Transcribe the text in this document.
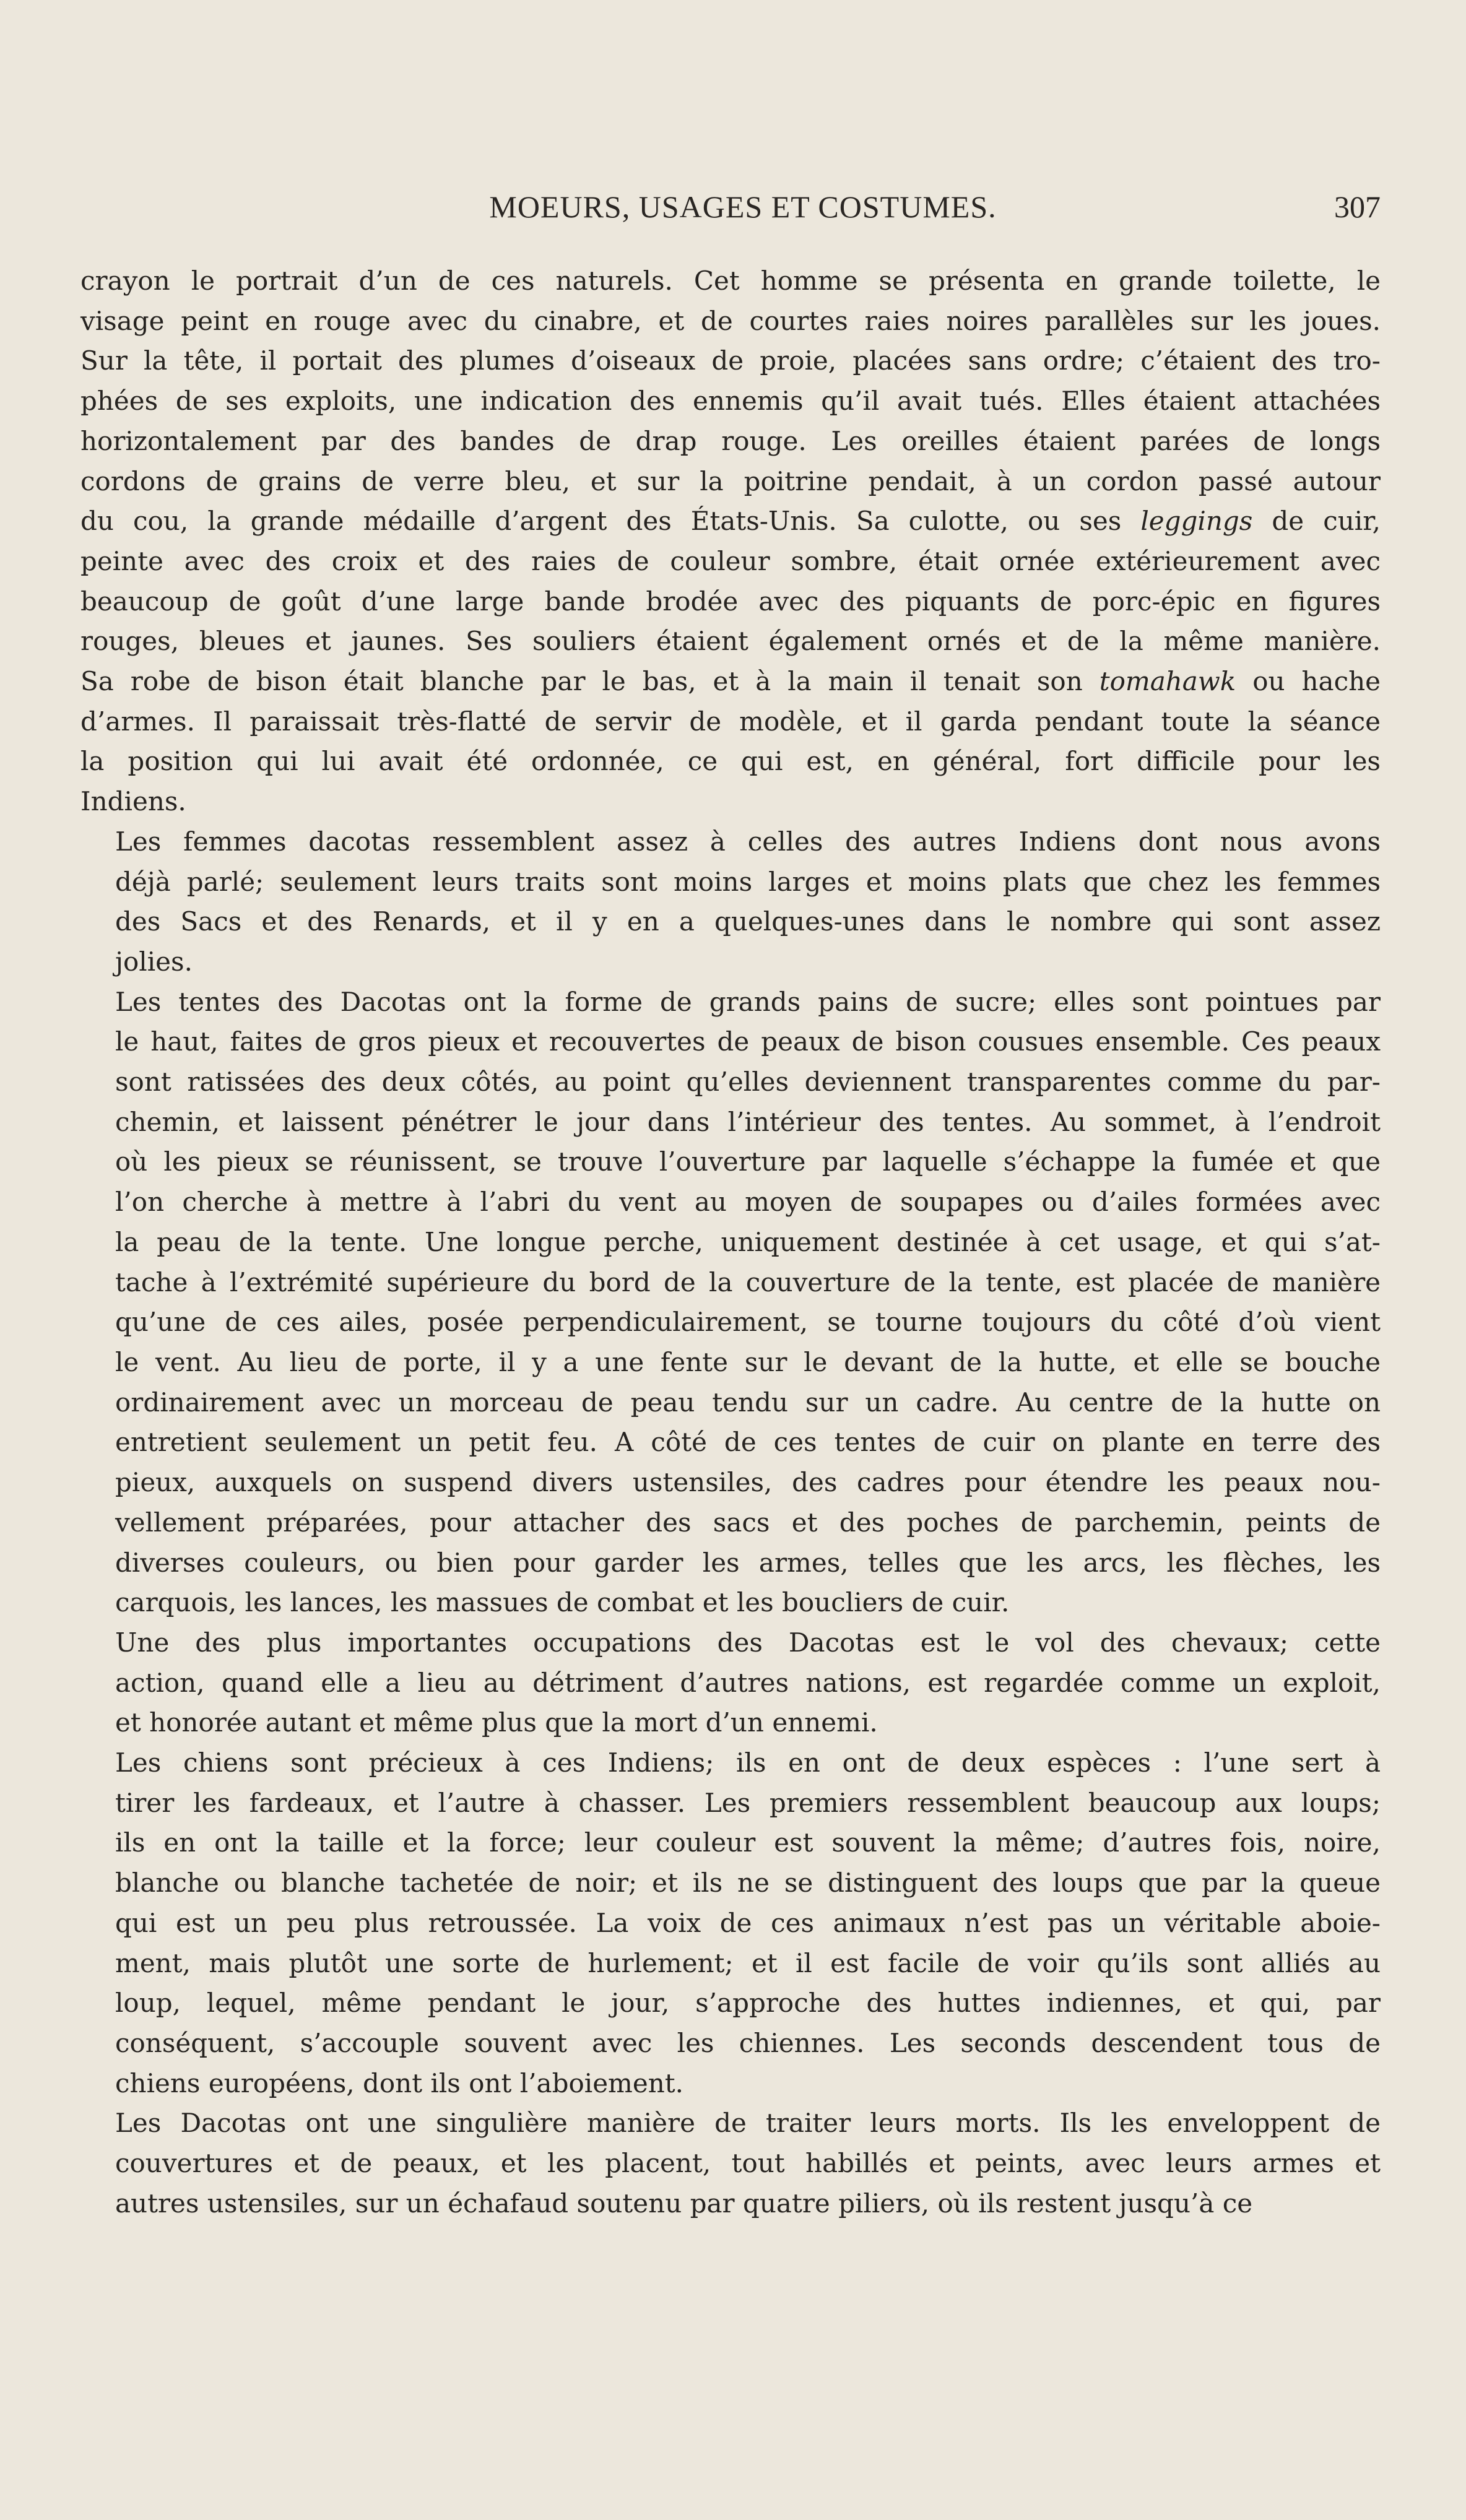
MOEURS, USAGES ET COSTUMES.	307
crayon le portrait d’un de ces naturels. Cet homme se présenta en grande toilette, le
visage peint en rouge avec du cinabre, et de courtes raies noires parallèles sur les joues.
Sur la tête, il portait des plumes d’oiseaux de proie, placées sans ordre; c’étaient des tro-
phées de ses exploits, une indication des ennemis qu’il avait tués. Elles étaient attachées
horizontalement par des bandes de drap rouge. Les oreilles étaient parées de longs
cordons de grains de verre bleu, et sur la poitrine pendait, à un cordon passé autour
du cou, la grande médaille d’argent des États-Unis. Sa culotte, ou ses leggings de cuir,
peinte avec des croix et des raies de couleur sombre, était ornée extérieurement avec
beaucoup de goût d’une large bande brodée avec des piquants de porc-épic en figures
rouges, bleues et jaunes. Ses souliers étaient également ornés et de la même manière.
Sa robe de bison était blanche par le bas, et à la main il tenait son tomahawk ou hache
d’armes. Il paraissait très-flatté de servir de modèle, et il garda pendant toute la séance
la position qui lui avait été ordonnée, ce qui est, en général, fort difficile pour les
Indiens.
Les femmes dacotas ressemblent assez à celles des autres Indiens dont nous avons
déjà parlé; seulement leurs traits sont moins larges et moins plats que chez les femmes
des Sacs et des Renards, et il y en a quelques-unes dans le nombre qui sont assez
jolies.
Les tentes des Dacotas ont la forme de grands pains de sucre; elles sont pointues par
le haut, faites de gros pieux et recouvertes de peaux de bison cousues ensemble. Ces peaux
sont ratissées des deux côtés, au point qu’elles deviennent transparentes comme du par-
chemin, et laissent pénétrer le jour dans l’intérieur des tentes. Au sommet, à l’endroit
où les pieux se réunissent, se trouve l’ouverture par laquelle s’échappe la fumée et que
l’on cherche à mettre à l’abri du vent au moyen de soupapes ou d’ailes formées avec
la peau de la tente. Une longue perche, uniquement destinée à cet usage, et qui s’at-
tache à l’extrémité supérieure du bord de la couverture de la tente, est placée de manière
qu’une de ces ailes, posée perpendiculairement, se tourne toujours du côté d’où vient
le vent. Au lieu de porte, il y a une fente sur le devant de la hutte, et elle se bouche
ordinairement avec un morceau de peau tendu sur un cadre. Au centre de la hutte on
entretient seulement un petit feu. A côté de ces tentes de cuir on plante en terre des
pieux, auxquels on suspend divers ustensiles, des cadres pour étendre les peaux nou-
vellement préparées, pour attacher des sacs et des poches de parchemin, peints de
diverses couleurs, ou bien pour garder les armes, telles que les arcs, les flèches, les
carquois, les lances, les massues de combat et les boucliers de cuir.
Une des plus importantes occupations des Dacotas est le vol des chevaux; cette
action, quand elle a lieu au détriment d’autres nations, est regardée comme un exploit,
et honorée autant et même plus que la mort d’un ennemi.
Les chiens sont précieux à ces Indiens; ils en ont de deux espèces : l’une sert à
tirer les fardeaux, et l’autre à chasser. Les premiers ressemblent beaucoup aux loups;
ils en ont la taille et la force; leur couleur est souvent la même; d’autres fois, noire,
blanche ou blanche tachetée de noir; et ils ne se distinguent des loups que par la queue
qui est un peu plus retroussée. La voix de ces animaux n’est pas un véritable aboie-
ment, mais plutôt une sorte de hurlement; et il est facile de voir qu’ils sont alliés au
loup, lequel, même pendant le jour, s’approche des huttes indiennes, et qui, par
conséquent, s’accouple souvent avec les chiennes. Les seconds descendent tous de
chiens européens, dont ils ont l’aboiement.
Les Dacotas ont une singulière manière de traiter leurs morts. Ils les enveloppent de
couvertures et de peaux, et les placent, tout habillés et peints, avec leurs armes et
autres ustensiles, sur un échafaud soutenu par quatre piliers, où ils restent jusqu’à ce
